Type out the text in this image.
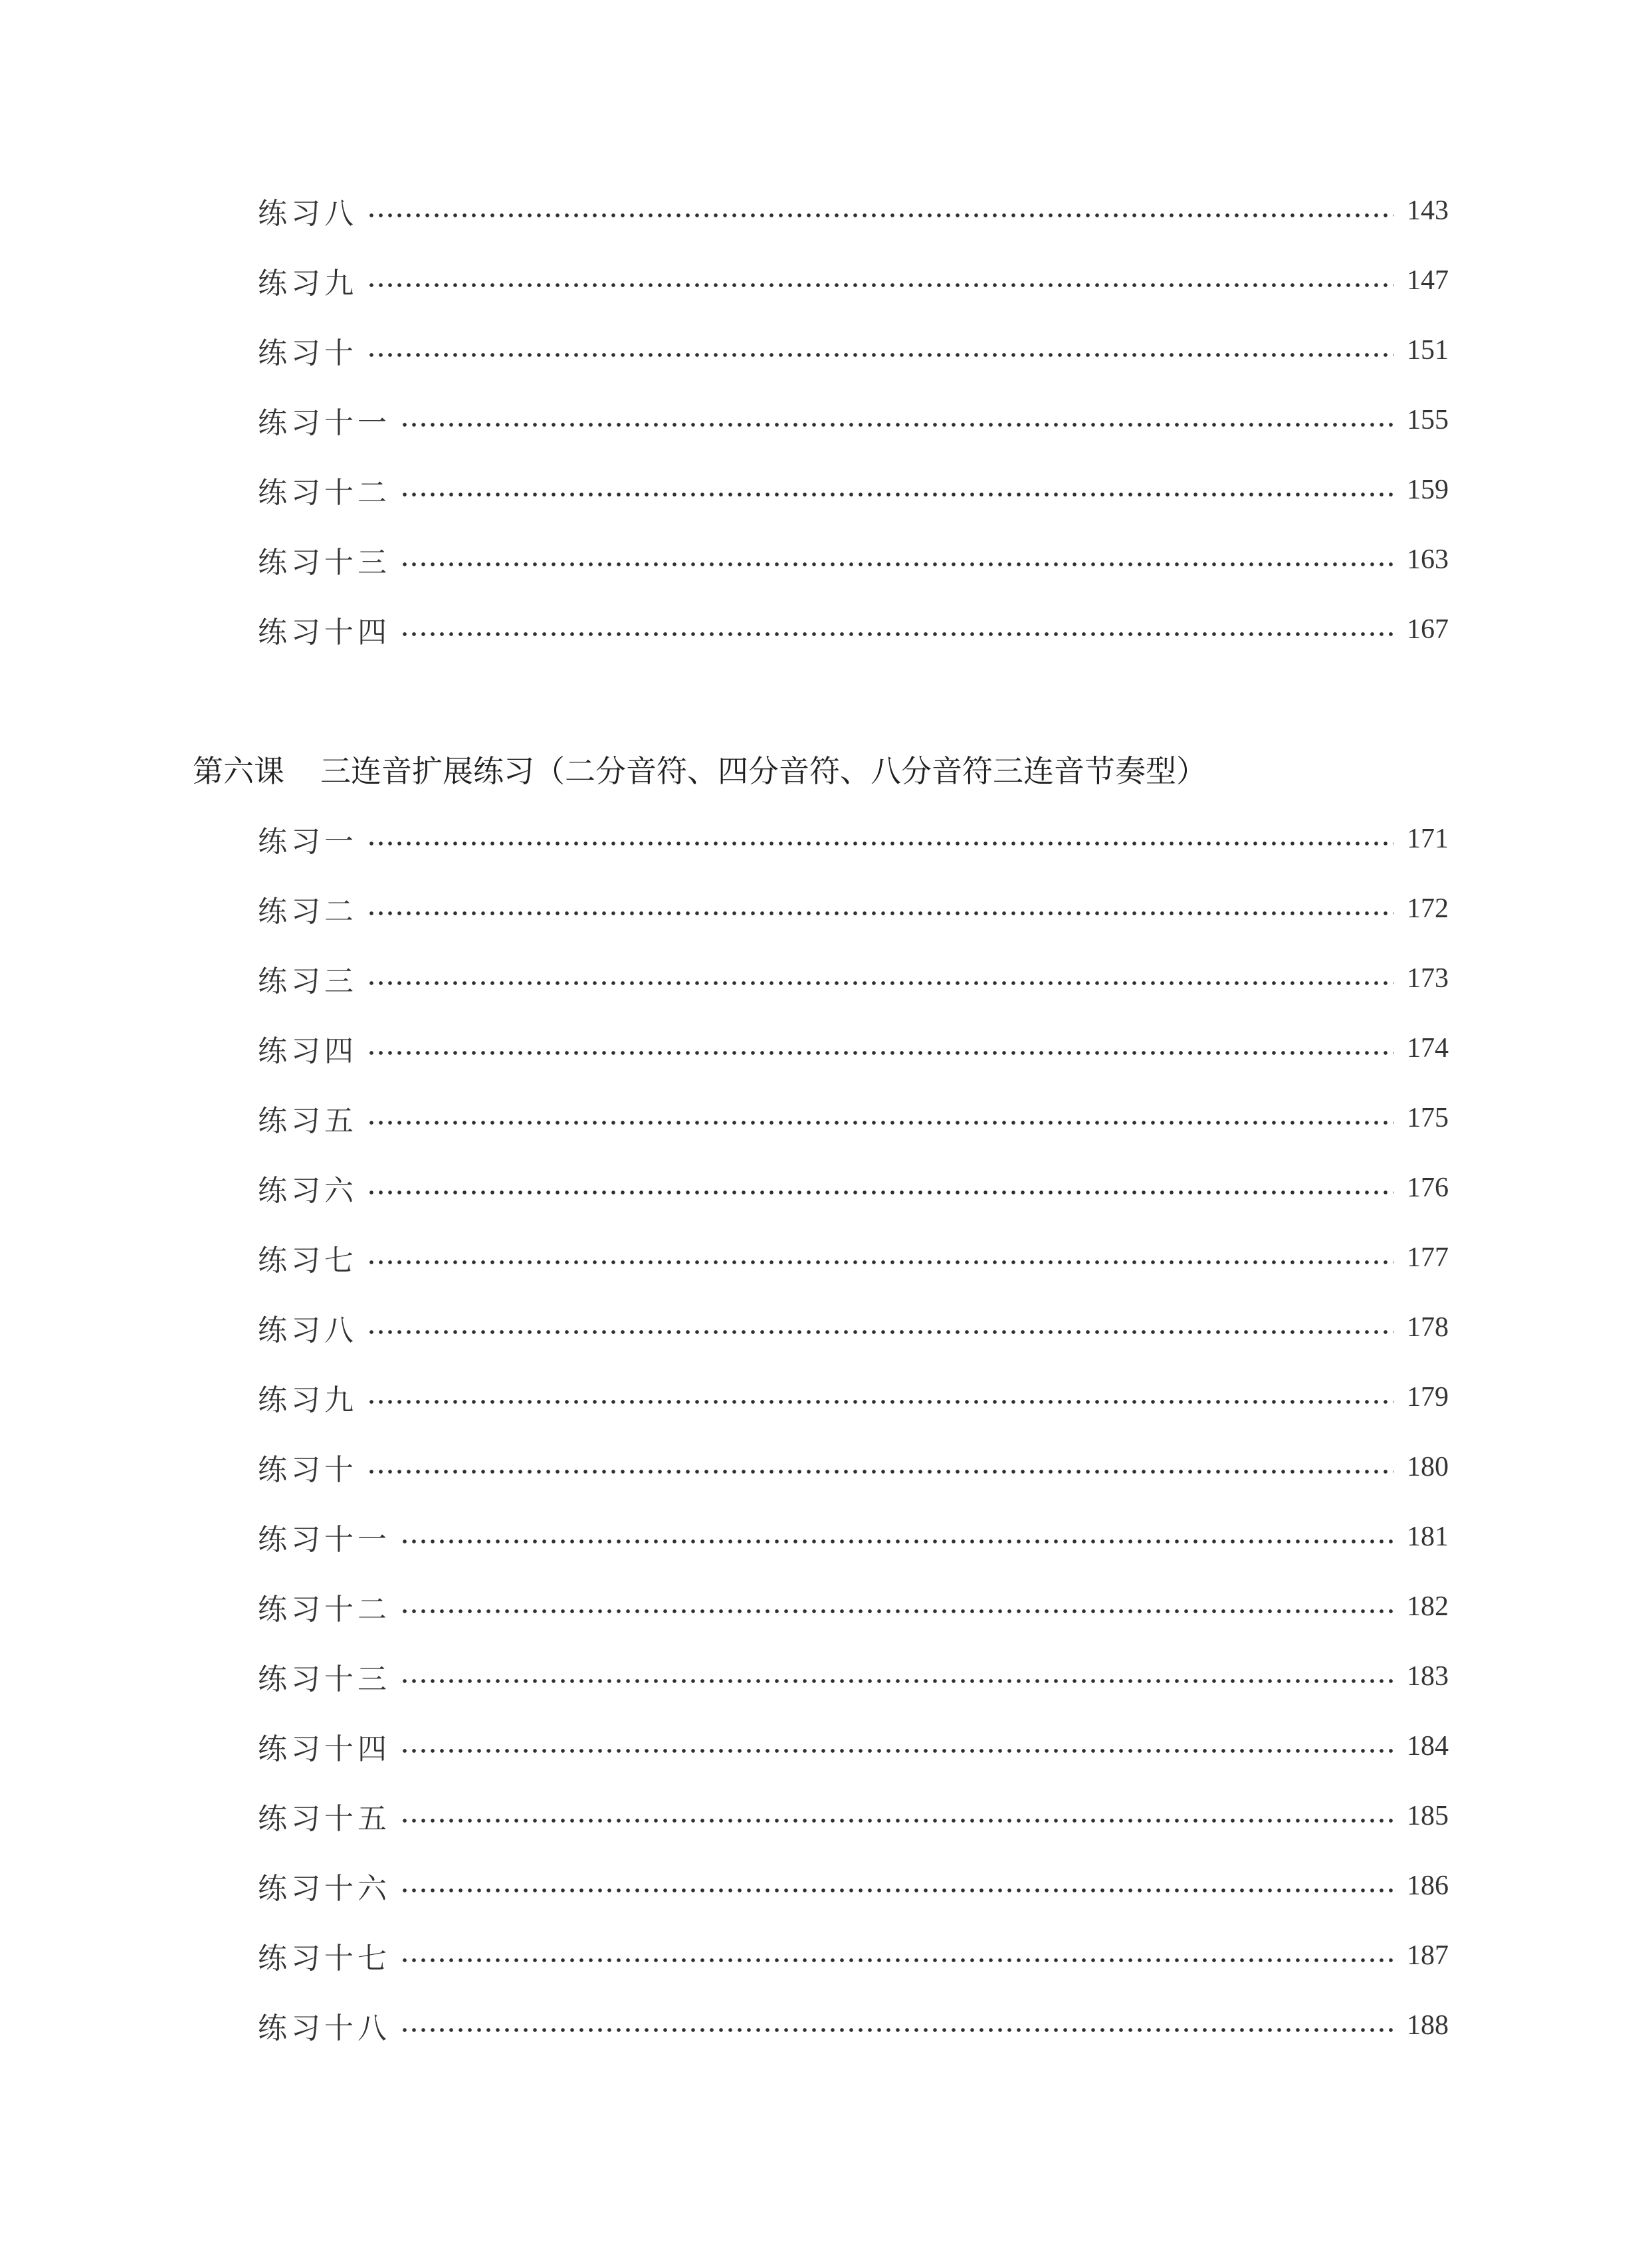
练习八	143
练习九	147
练习十	151
练习十一	155
练习十二	159
练习十三	163
练习十四	167
第六课 三连音扩展练习（二分音符、四分音符、八分音符三连音节奏型）
练习一	171
练习二	172
练习三	173
练习四	174
练习五	175
练习六	176
练习七	177
练习八	178
练习九	179
练习十	180
练习十一	181
练习十二	182
练习十三	183
练习十四	184
练习十五	185
练习十六	186
练习十七	187
练习十八	188
